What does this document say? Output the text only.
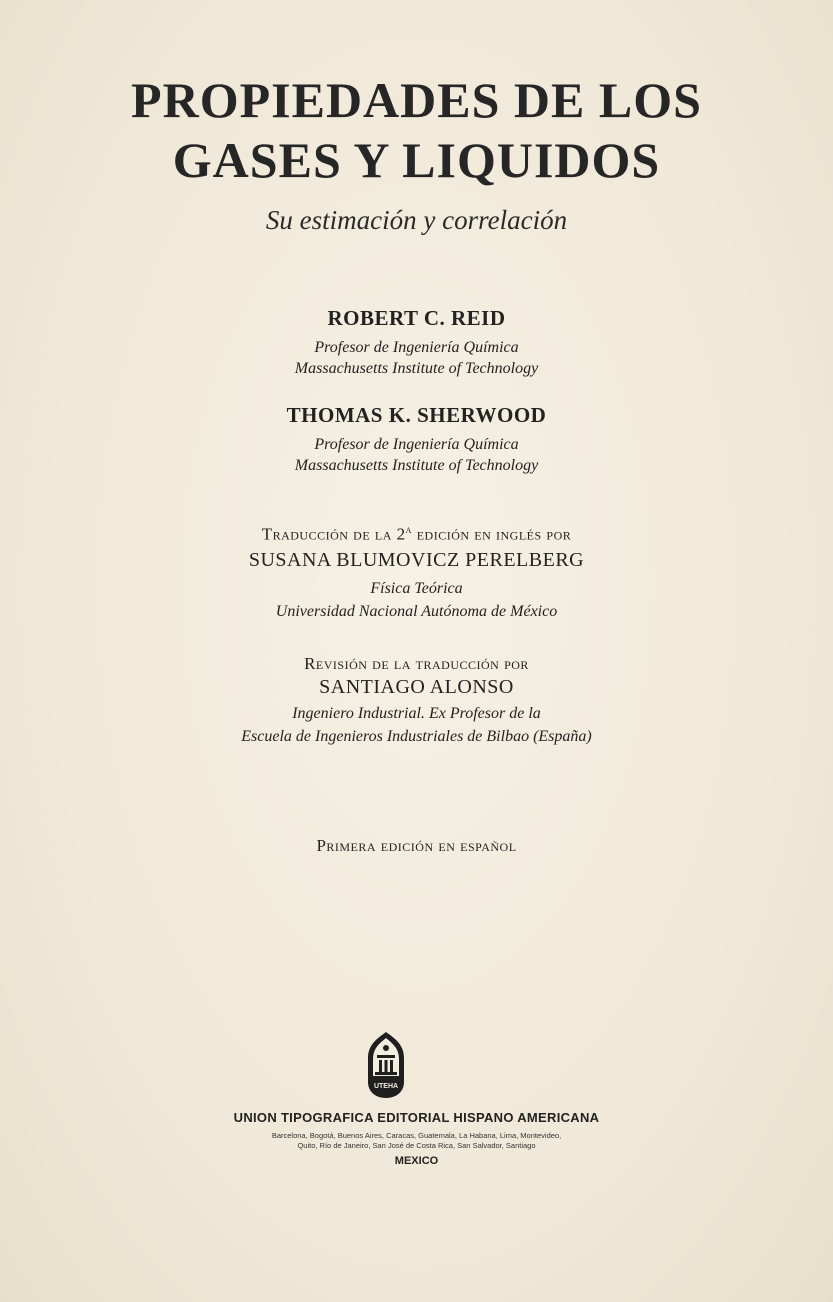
PROPIEDADES DE LOS
GASES Y LIQUIDOS
Su estimación y correlación
ROBERT C. REID
Profesor de Ingeniería Química
Massachusetts Institute of Technology
THOMAS K. SHERWOOD
Profesor de Ingeniería Química
Massachusetts Institute of Technology
Traducción de la 2$^a$ edición en inglés por
SUSANA BLUMOVICZ PERELBERG
Física Teórica
Universidad Nacional Autónoma de México
Revisión de la traducción por
SANTIAGO ALONSO
Ingeniero Industrial. Ex Profesor de la
Escuela de Ingenieros Industriales de Bilbao (España)
Primera edición en español
UTEHA
UNION TIPOGRAFICA EDITORIAL HISPANO AMERICANA
Barcelona, Bogotá, Buenos Aires, Caracas, Guatemala, La Habana, Lima, Montevideo,
Quito, Río de Janeiro, San José de Costa Rica, San Salvador, Santiago
MEXICO
